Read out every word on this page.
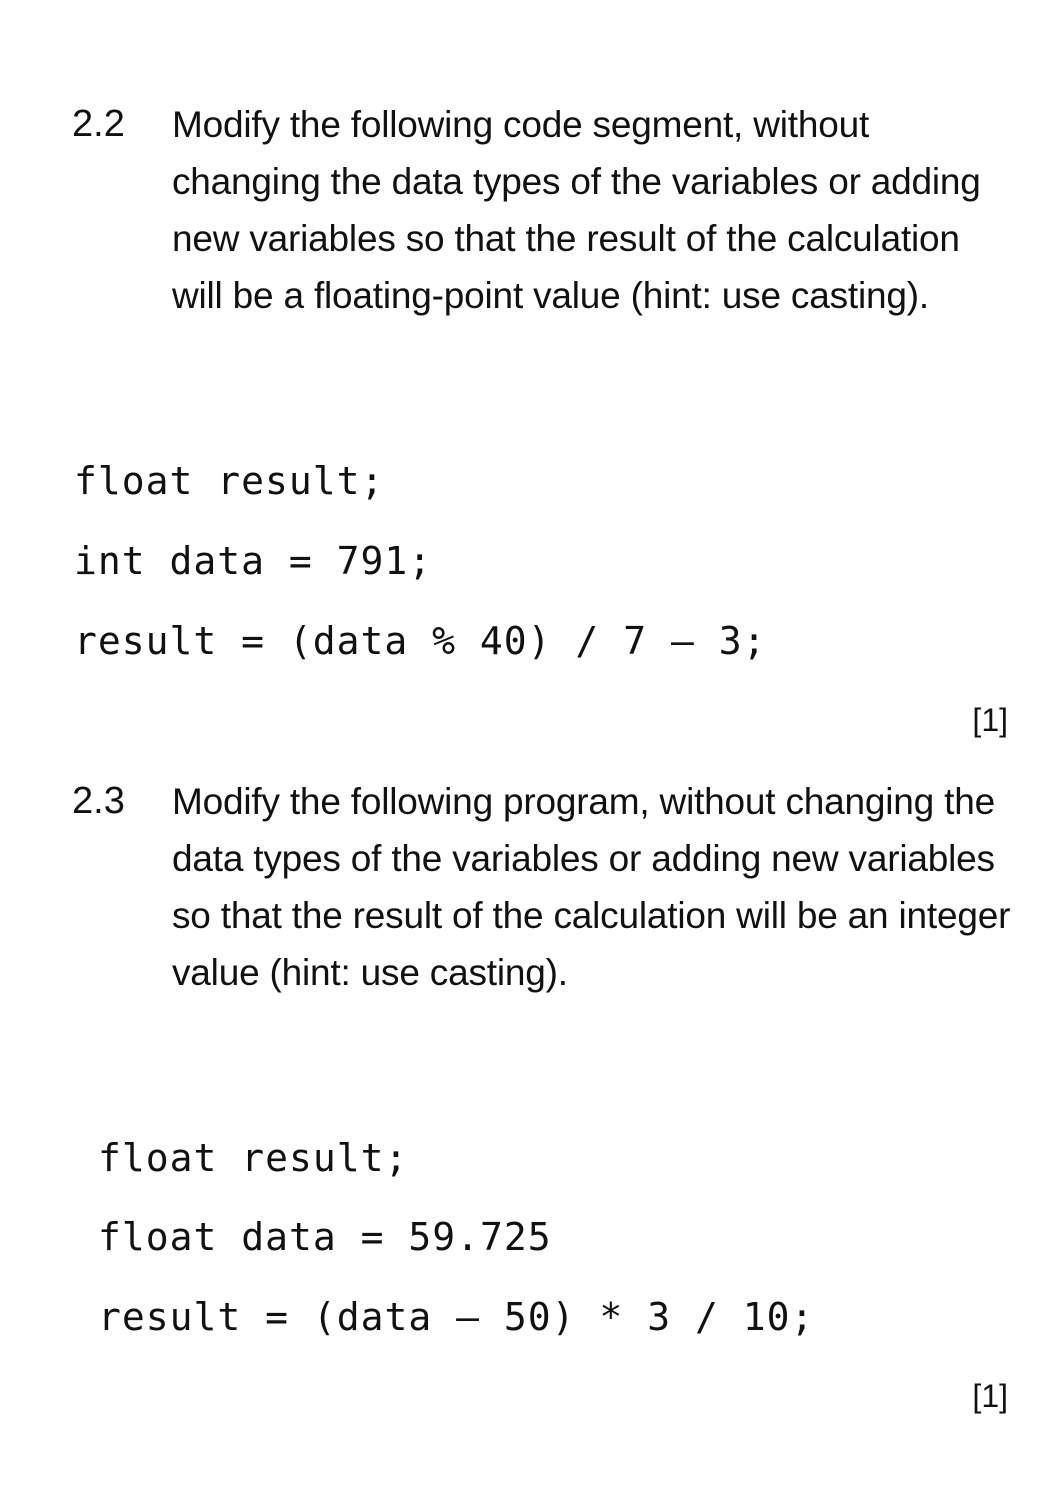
2.2 Modify the following code segment, without changing the data types of the variables or adding new variables so that the result of the calculation will be a floating-point value (hint: use casting).
float result;
int data = 791;
result = (data % 40) / 7 – 3;
[1]
2.3 Modify the following program, without changing the data types of the variables or adding new variables so that the result of the calculation will be an integer value (hint: use casting).
float result;
float data = 59.725
result = (data – 50) * 3 / 10;
[1]
